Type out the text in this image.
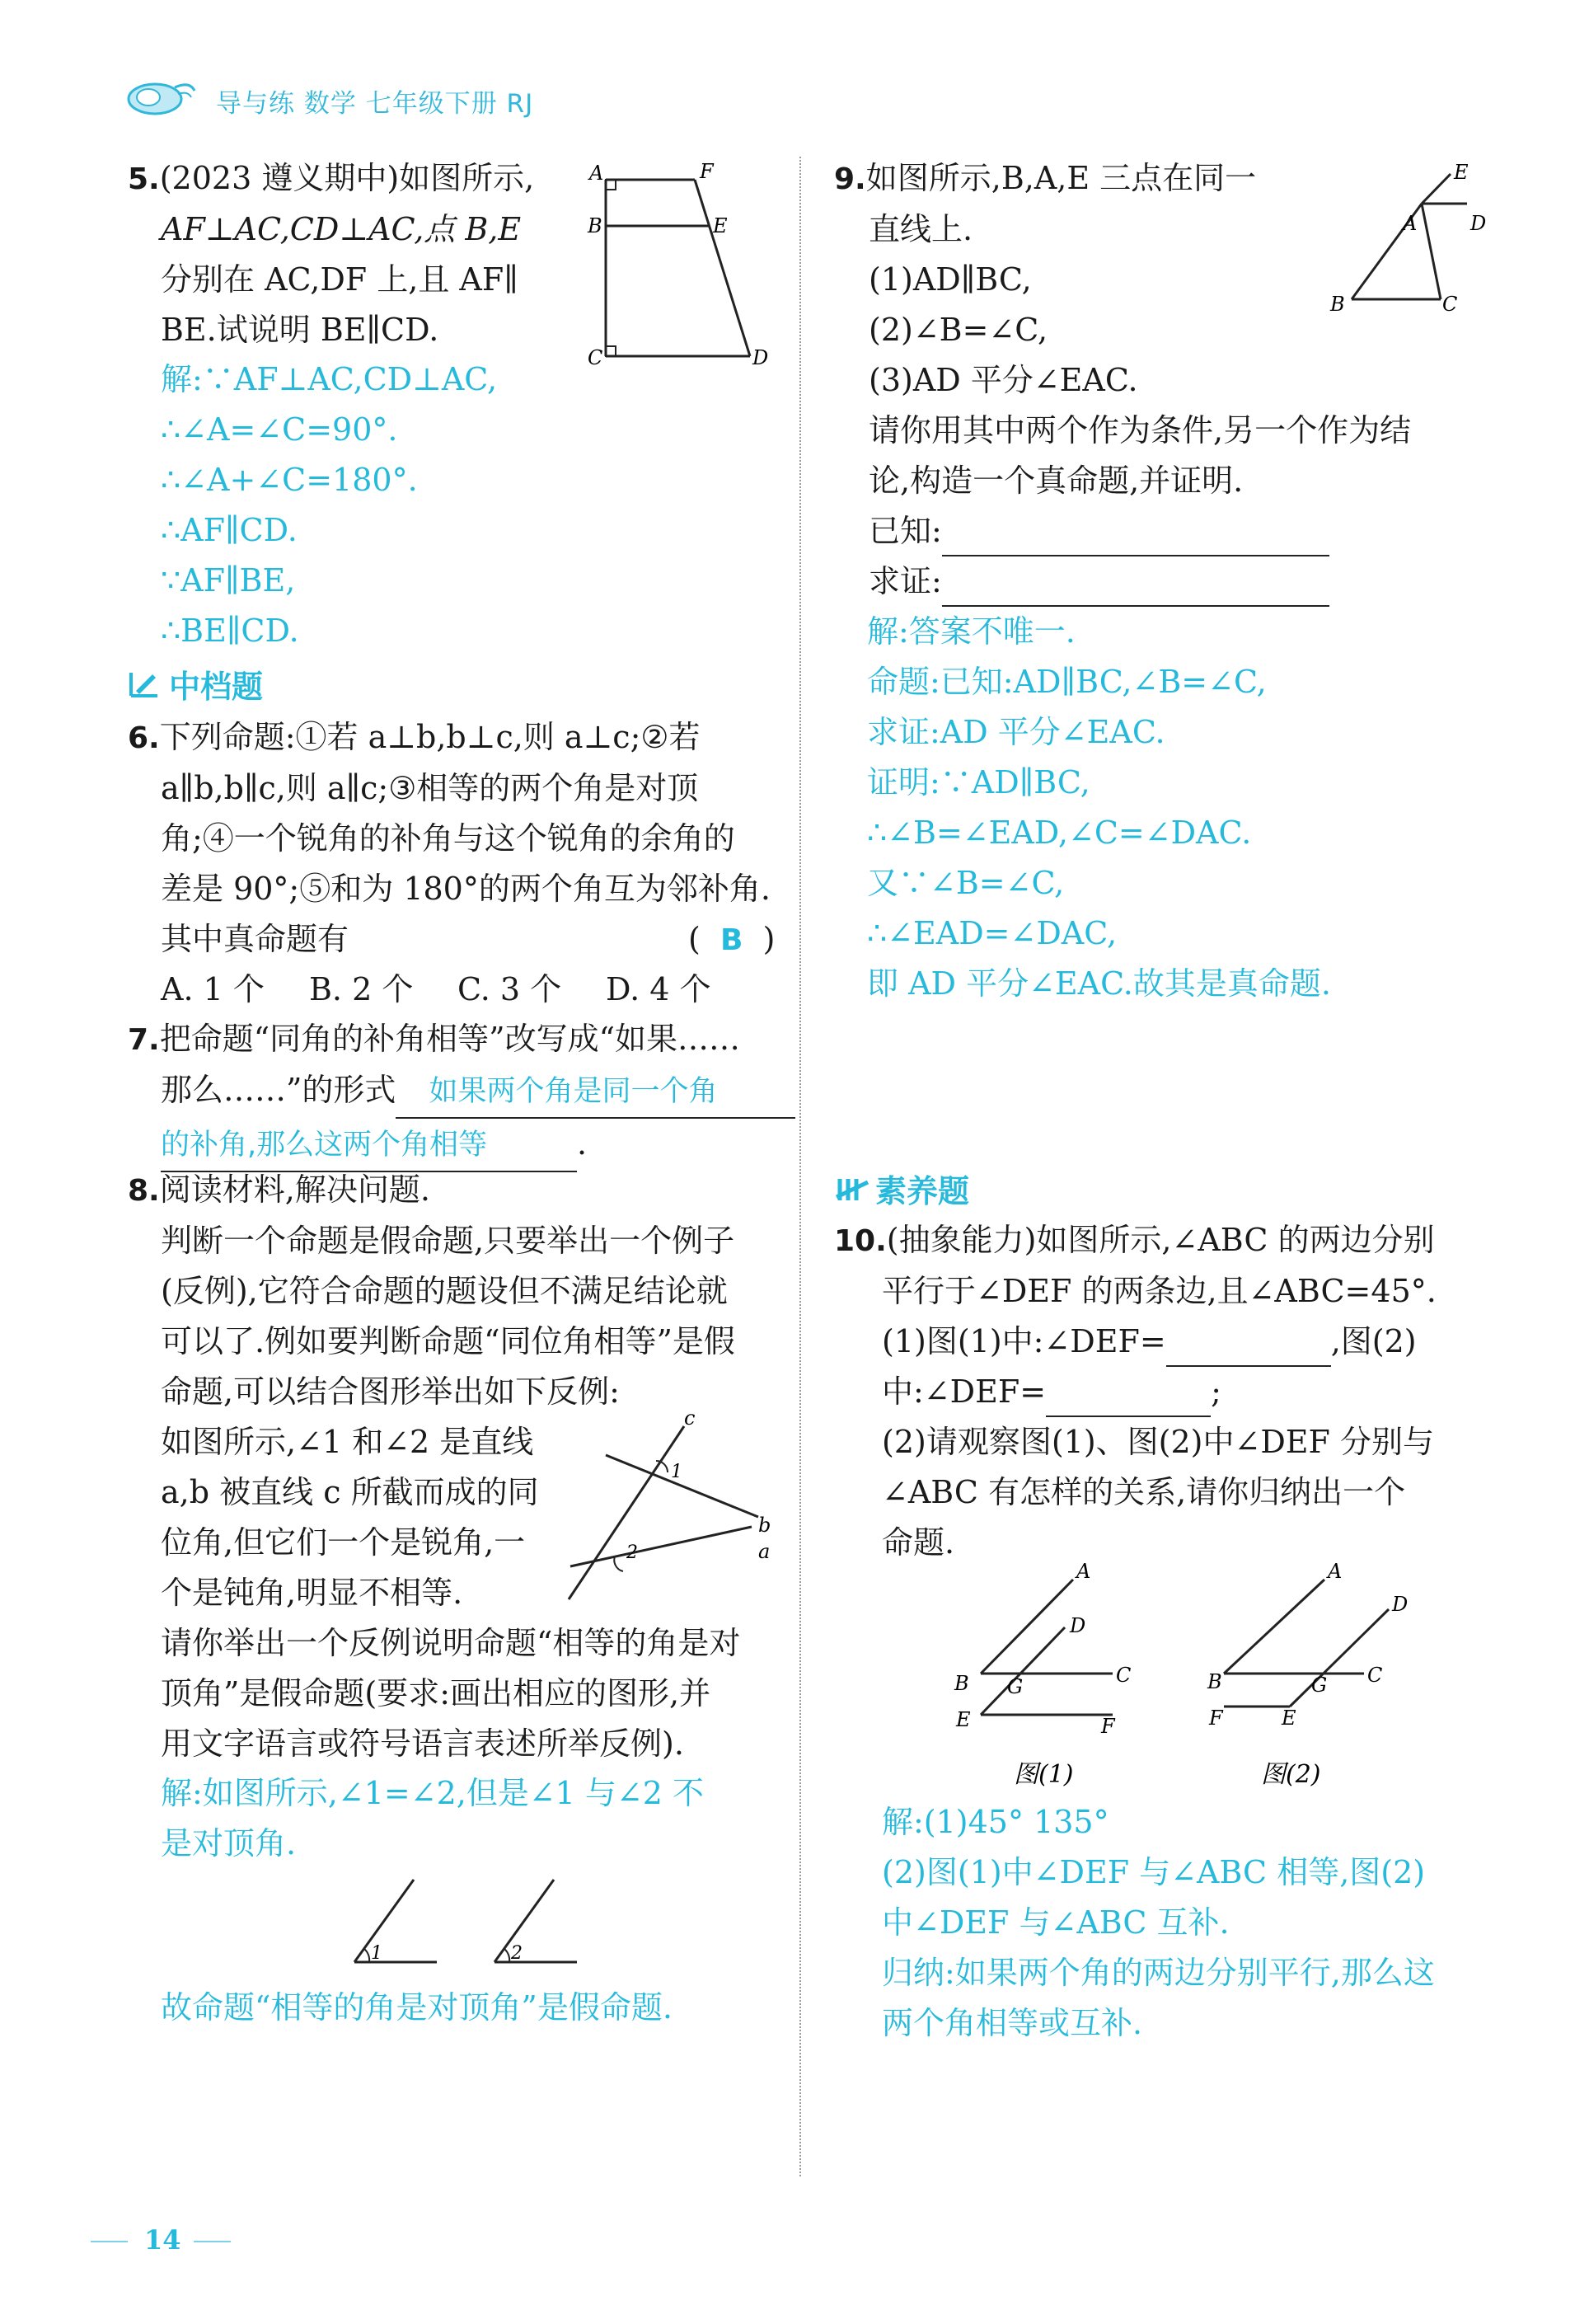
导与练 数学 七年级下册 RJ

5.(2023 遵义期中)如图所示,

AF⊥AC,CD⊥AC,点 B,E

分别在 AC,DF 上,且 AF∥

BE.试说明 BE∥CD.

A	F
B	E
C	D

解:∵AF⊥AC,CD⊥AC,

∴∠A=∠C=90°.

∴∠A+∠C=180°.

∴AF∥CD.

∵AF∥BE,

∴BE∥CD.

中档题

6.下列命题:①若 a⊥b,b⊥c,则 a⊥c;②若

a∥b,b∥c,则 a∥c;③相等的两个角是对顶

角;④一个锐角的补角与这个锐角的余角的

差是 90°;⑤和为 180°的两个角互为邻补角.

其中真命题有	( B )

A. 1 个 B. 2 个 C. 3 个 D. 4 个

7.把命题“同角的补角相等”改写成“如果……

那么……”的形式 如果两个角是同一个角

的补角,那么这两个角相等	.

8.阅读材料,解决问题.

判断一个命题是假命题,只要举出一个例子

(反例),它符合命题的题设但不满足结论就

可以了.例如要判断命题“同位角相等”是假

命题,可以结合图形举出如下反例:

如图所示,∠1 和∠2 是直线

a,b 被直线 c 所截而成的同

位角,但它们一个是锐角,一

个是钝角,明显不相等.

请你举出一个反例说明命题“相等的角是对

顶角”是假命题(要求:画出相应的图形,并

用文字语言或符号语言表述所举反例).

c
b
a
1
2

解:如图所示,∠1=∠2,但是∠1 与∠2 不

是对顶角.

1	2

故命题“相等的角是对顶角”是假命题.

9.如图所示,B,A,E 三点在同一

直线上.

(1)AD∥BC,

(2)∠B=∠C,

(3)AD 平分∠EAC.

请你用其中两个作为条件,另一个作为结

论,构造一个真命题,并证明.

已知:

求证:

E
A	D
B	C

解:答案不唯一.

命题:已知:AD∥BC,∠B=∠C,

求证:AD 平分∠EAC.

证明:∵AD∥BC,

∴∠B=∠EAD,∠C=∠DAC.

又∵∠B=∠C,

∴∠EAD=∠DAC,

即 AD 平分∠EAC.故其是真命题.

素养题

10.(抽象能力)如图所示,∠ABC 的两边分别

平行于∠DEF 的两条边,且∠ABC=45°.

(1)图(1)中:∠DEF=	,图(2)

中:∠DEF=	;

(2)请观察图(1)、图(2)中∠DEF 分别与

∠ABC 有怎样的关系,请你归纳出一个

命题.

A
D
B G	C
E	F
图(1)
A
D
B	G C
F	E
图(2)

解:(1)45° 135°

(2)图(1)中∠DEF 与∠ABC 相等,图(2)

中∠DEF 与∠ABC 互补.

归纳:如果两个角的两边分别平行,那么这

两个角相等或互补.

14
